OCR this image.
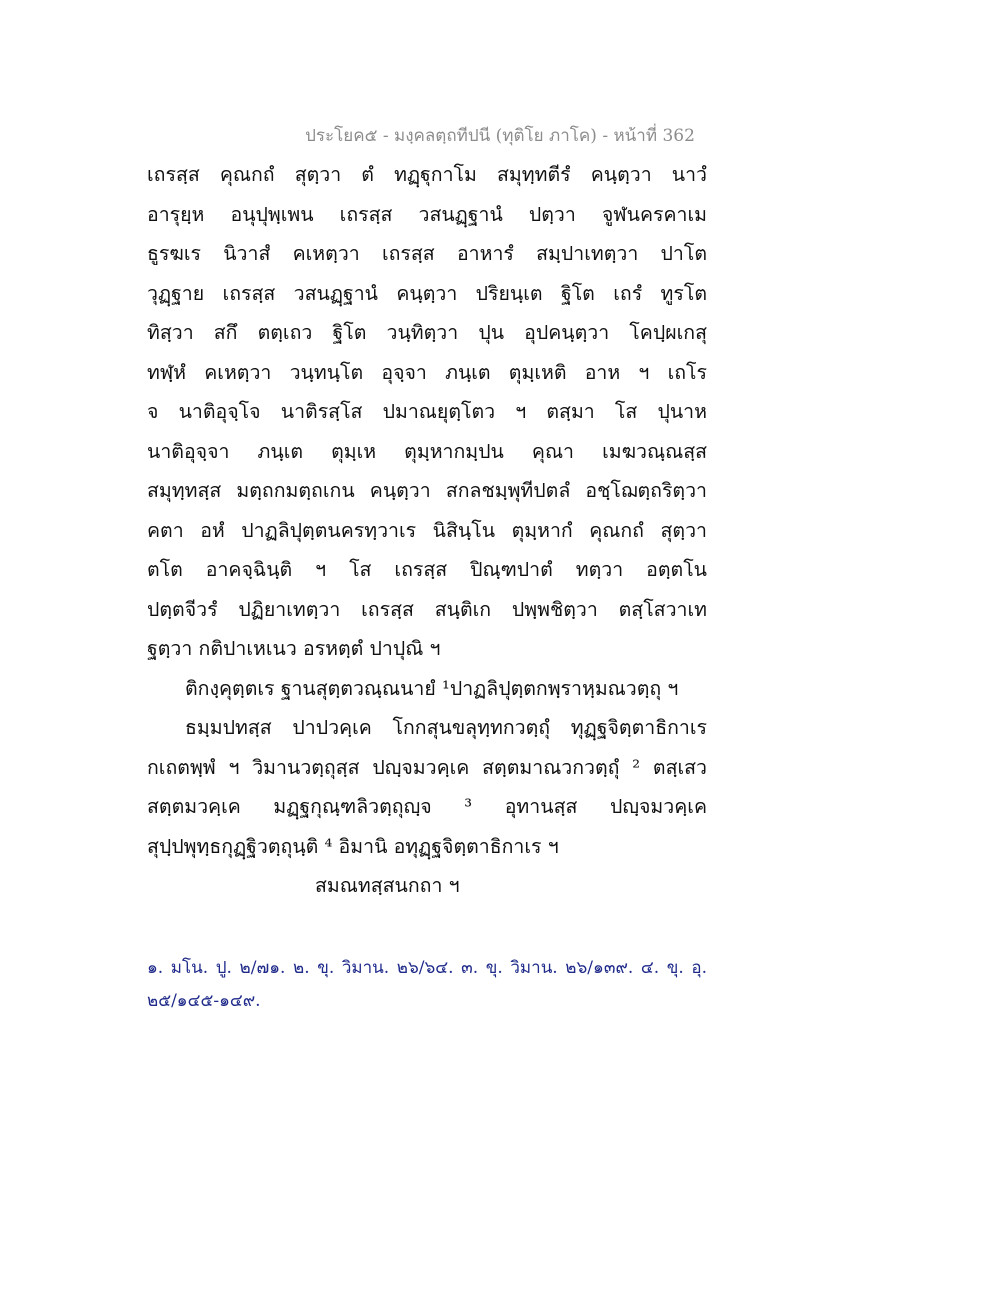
ประโยค๕ - มงฺคลตฺถทีปนี (ทุติโย ภาโค) - หน้าที่ 362
เถรสฺส คุณกถํ สุตฺวา ตํ ทฏฺฐุกาโม สมุทฺทตีรํ คนฺตฺวา นาวํ
อารุยฺห อนุปุพฺเพน เถรสฺส วสนฏฺฐานํ ปตฺวา จูฬนครคาเม
ธูรฆเร นิวาสํ คเหตฺวา เถรสฺส อาหารํ สมฺปาเทตฺวา ปาโต
วุฏฺฐาย เถรสฺส วสนฏฺฐานํ คนฺตฺวา ปริยนฺเต ฐิโต เถรํ ทูรโต
ทิสฺวา สกึ ตตฺเถว ฐิโต วนฺทิตฺวา ปุน อุปคนฺตฺวา โคปฺผเกสุ
ทฬฺหํ คเหตฺวา วนฺทนฺโต อุจฺจา ภนฺเต ตุมฺเหติ อาห ฯ เถโร
จ นาติอุจฺโจ นาติรสฺโส ปมาณยุตฺโตว ฯ ตสฺมา โส ปุนาห
นาติอุจฺจา ภนฺเต ตุมฺเห ตุมฺหากมฺปน คุณา เมฆวณฺณสฺส
สมุทฺทสฺส มตฺถกมตฺถเกน คนฺตฺวา สกลชมฺพุทีปตลํ อชฺโฌตฺถริตฺวา
คตา อหํ ปาฏลิปุตฺตนครทฺวาเร นิสินฺโน ตุมฺหากํ คุณกถํ สุตฺวา
ตโต อาคจฺฉินฺติ ฯ โส เถรสฺส ปิณฺฑปาตํ ทตฺวา อตฺตโน
ปตฺตจีวรํ ปฏิยาเทตฺวา เถรสฺส สนฺติเก ปพฺพชิตฺวา ตสฺโสวาเท
ฐตฺวา กติปาเหเนว อรหตฺตํ ปาปุณิ ฯ
ติกงฺคุตฺตเร ฐานสุตฺตวณฺณนายํ ¹ปาฏลิปุตฺตกพฺราหฺมณวตฺถุ ฯ
ธมฺมปทสฺส ปาปวคฺเค โกกสุนขลุทฺทกวตฺถุํ ทุฏฺฐจิตฺตาธิกาเร
กเถตพฺพํ ฯ วิมานวตฺถุสฺส ปญฺจมวคฺเค สตฺตมาณวกวตฺถุํ ² ตสฺเสว
สตฺตมวคฺเค มฏฺฐกุณฺฑลิวตฺถุญฺจ ³ อุทานสฺส ปญฺจมวคฺเค
สุปฺปพุทฺธกุฏฺฐิวตฺถุนฺติ ⁴ อิมานิ อทุฏฺฐจิตฺตาธิกาเร ฯ
สมณทสฺสนกถา ฯ
๑. มโน. ปู. ๒/๗๑. ๒. ขุ. วิมาน. ๒๖/๖๔. ๓. ขุ. วิมาน. ๒๖/๑๓๙. ๔. ขุ. อุ.
๒๕/๑๔๕-๑๔๙.
